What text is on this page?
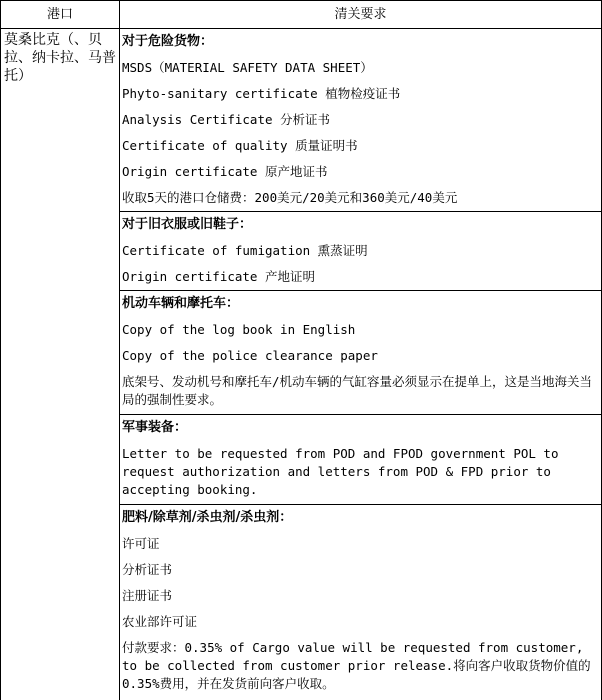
港口	清关要求
莫桑比克（、贝拉、纳卡拉、马普托）
对于危险货物：
MSDS（MATERIAL SAFETY DATA SHEET）
Phyto-sanitary certificate 植物检疫证书
Analysis Certificate 分析证书
Certificate of quality 质量证明书
Origin certificate 原产地证书
收取5天的港口仓储费：200美元/20美元和360美元/40美元
对于旧衣服或旧鞋子：
Certificate of fumigation 熏蒸证明
Origin certificate 产地证明
机动车辆和摩托车：
Copy of the log book in English
Copy of the police clearance paper
底架号、发动机号和摩托车/机动车辆的气缸容量必须显示在提单上，这是当地海关当局的强制性要求。
军事装备：
Letter to be requested from POD and FPOD government POL to request authorization and letters from POD & FPD prior to accepting booking.
肥料/除草剂/杀虫剂/杀虫剂：
许可证
分析证书
注册证书
农业部许可证
付款要求：0.35% of Cargo value will be requested from customer, to be collected from customer prior release.将向客户收取货物价值的0.35%费用，并在发货前向客户收取。
